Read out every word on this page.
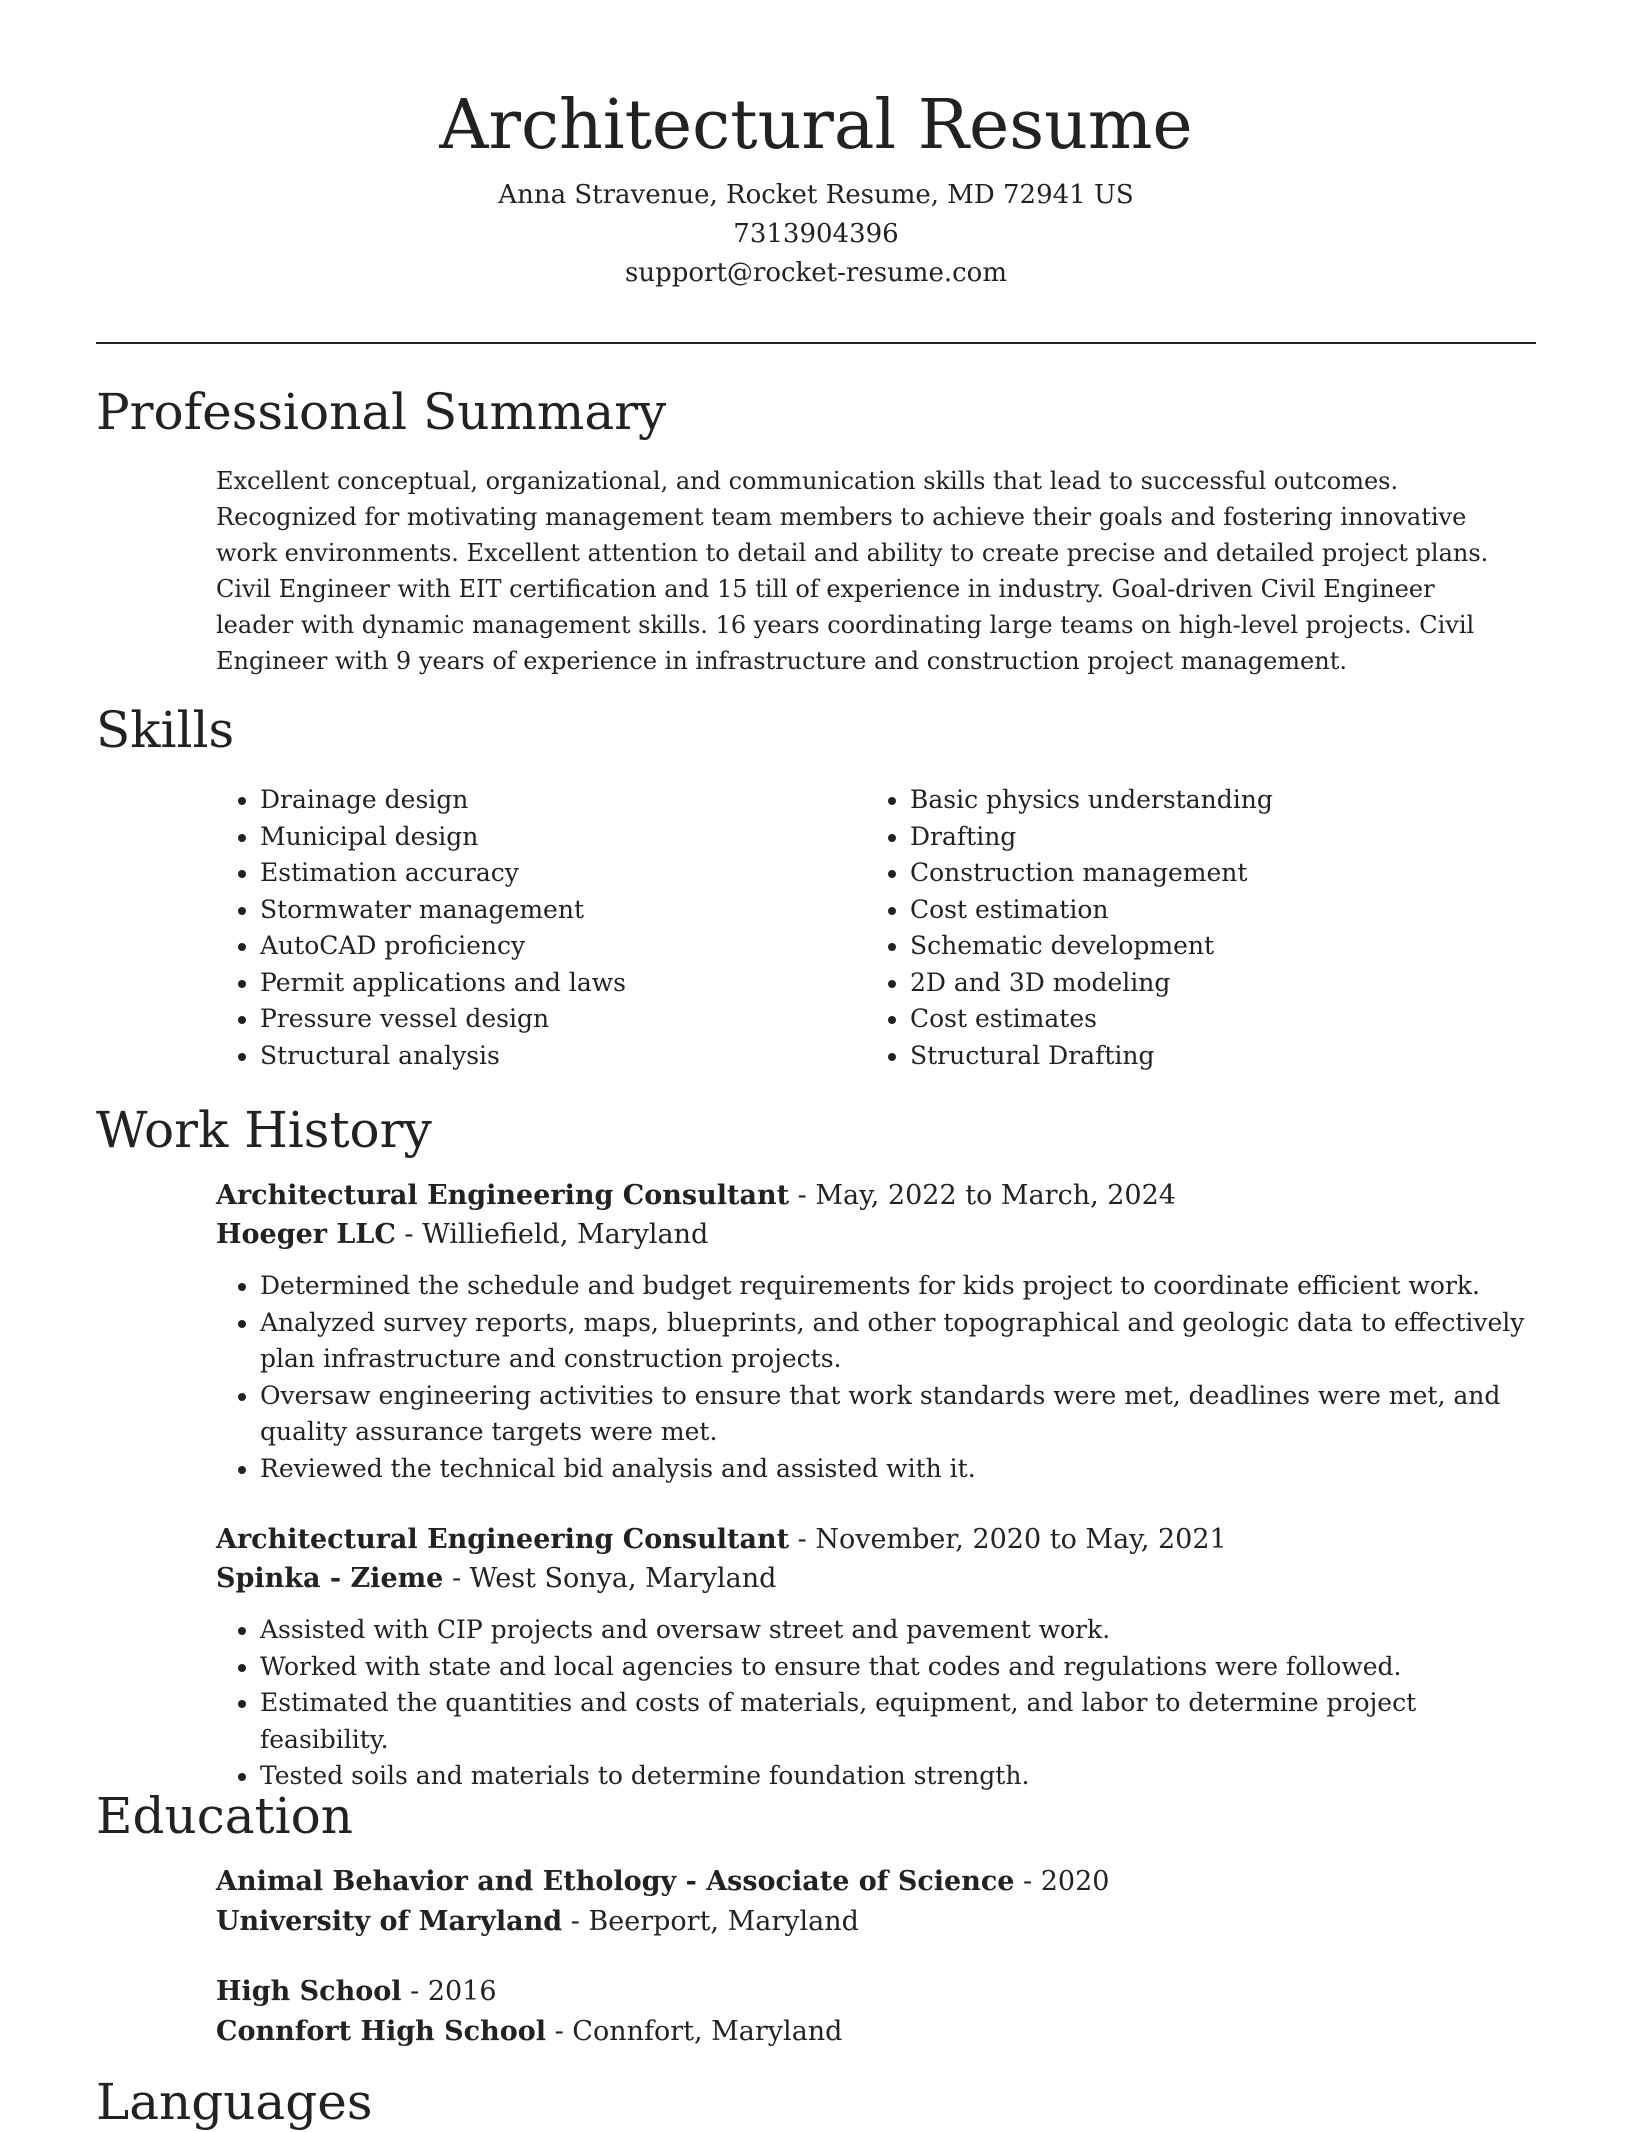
Architectural Resume
Anna Stravenue, Rocket Resume, MD 72941 US
7313904396
support@rocket-resume.com
Professional Summary
Excellent conceptual, organizational, and communication skills that lead to successful outcomes. Recognized for motivating management team members to achieve their goals and fostering innovative work environments. Excellent attention to detail and ability to create precise and detailed project plans. Civil Engineer with EIT certification and 15 till of experience in industry. Goal-driven Civil Engineer leader with dynamic management skills. 16 years coordinating large teams on high-level projects. Civil Engineer with 9 years of experience in infrastructure and construction project management.
Skills
• Drainage design
• Municipal design
• Estimation accuracy
• Stormwater management
• AutoCAD proficiency
• Permit applications and laws
• Pressure vessel design
• Structural analysis
• Basic physics understanding
• Drafting
• Construction management
• Cost estimation
• Schematic development
• 2D and 3D modeling
• Cost estimates
• Structural Drafting
Work History
Architectural Engineering Consultant - May, 2022 to March, 2024
Hoeger LLC - Williefield, Maryland
• Determined the schedule and budget requirements for kids project to coordinate efficient work.
• Analyzed survey reports, maps, blueprints, and other topographical and geologic data to effectively plan infrastructure and construction projects.
• Oversaw engineering activities to ensure that work standards were met, deadlines were met, and quality assurance targets were met.
• Reviewed the technical bid analysis and assisted with it.
Architectural Engineering Consultant - November, 2020 to May, 2021
Spinka - Zieme - West Sonya, Maryland
• Assisted with CIP projects and oversaw street and pavement work.
• Worked with state and local agencies to ensure that codes and regulations were followed.
• Estimated the quantities and costs of materials, equipment, and labor to determine project feasibility.
• Tested soils and materials to determine foundation strength.
Education
Animal Behavior and Ethology - Associate of Science - 2020
University of Maryland - Beerport, Maryland
High School - 2016
Connfort High School - Connfort, Maryland
Languages
